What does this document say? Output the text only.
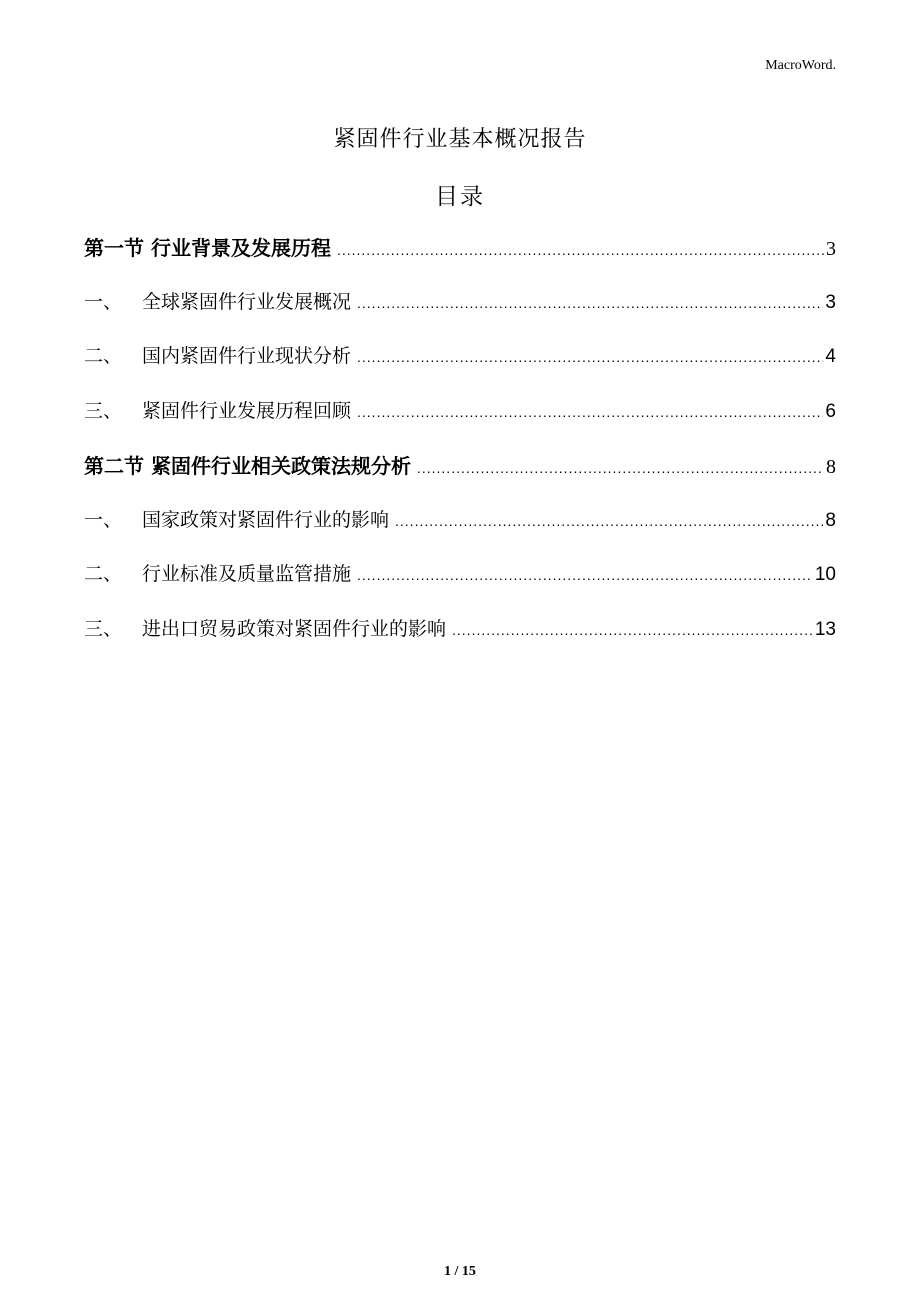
MacroWord.
紧固件行业基本概况报告
目录
第一节 行业背景及发展历程 .....	3
一、	全球紧固件行业发展概况 .....	3
二、	国内紧固件行业现状分析 .....	4
三、	紧固件行业发展历程回顾 .....	6
第二节 紧固件行业相关政策法规分析 .....	8
一、	国家政策对紧固件行业的影响 .....	8
二、	行业标准及质量监管措施 .....	10
三、	进出口贸易政策对紧固件行业的影响 .....	13
1 / 15
